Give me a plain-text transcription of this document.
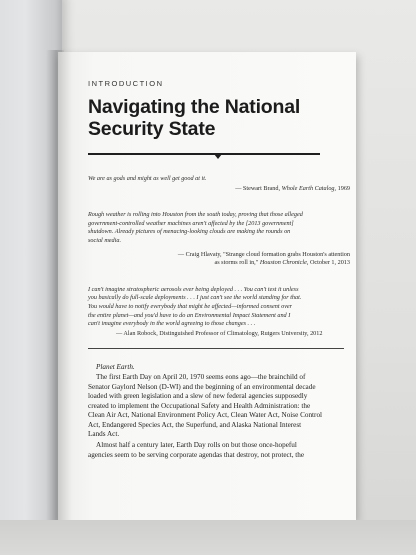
INTRODUCTION
Navigating the National
Security State

We are as gods and might as well get good at it.

— Stewart Brand, Whole Earth Catalog, 1969

Rough weather is rolling into Houston from the south today, proving that those alleged
government-controlled weather machines aren't affected by the [2013 government]
shutdown. Already pictures of menacing-looking clouds are making the rounds on
social media.

— Craig Hlavaty, "Strange cloud formation grabs Houston's attention
as storms roll in," Houston Chronicle, October 1, 2013

I can't imagine stratospheric aerosols ever being deployed . . . You can't test it unless
you basically do full-scale deployments . . . I just can't see the world standing for that.
You would have to notify everybody that might be affected—informed consent over
the entire planet—and you'd have to do an Environmental Impact Statement and I
can't imagine everybody in the world agreeing to those changes . . .

— Alan Robock, Distinguished Professor of Climatology, Rutgers University, 2012

Planet Earth.

The first Earth Day on April 20, 1970 seems eons ago—the brainchild of
Senator Gaylord Nelson (D-WI) and the beginning of an environmental decade
loaded with green legislation and a slew of new federal agencies supposedly
created to implement the Occupational Safety and Health Administration: the
Clean Air Act, National Environment Policy Act, Clean Water Act, Noise Control
Act, Endangered Species Act, the Superfund, and Alaska National Interest
Lands Act.

Almost half a century later, Earth Day rolls on but those once-hopeful
agencies seem to be serving corporate agendas that destroy, not protect, the
